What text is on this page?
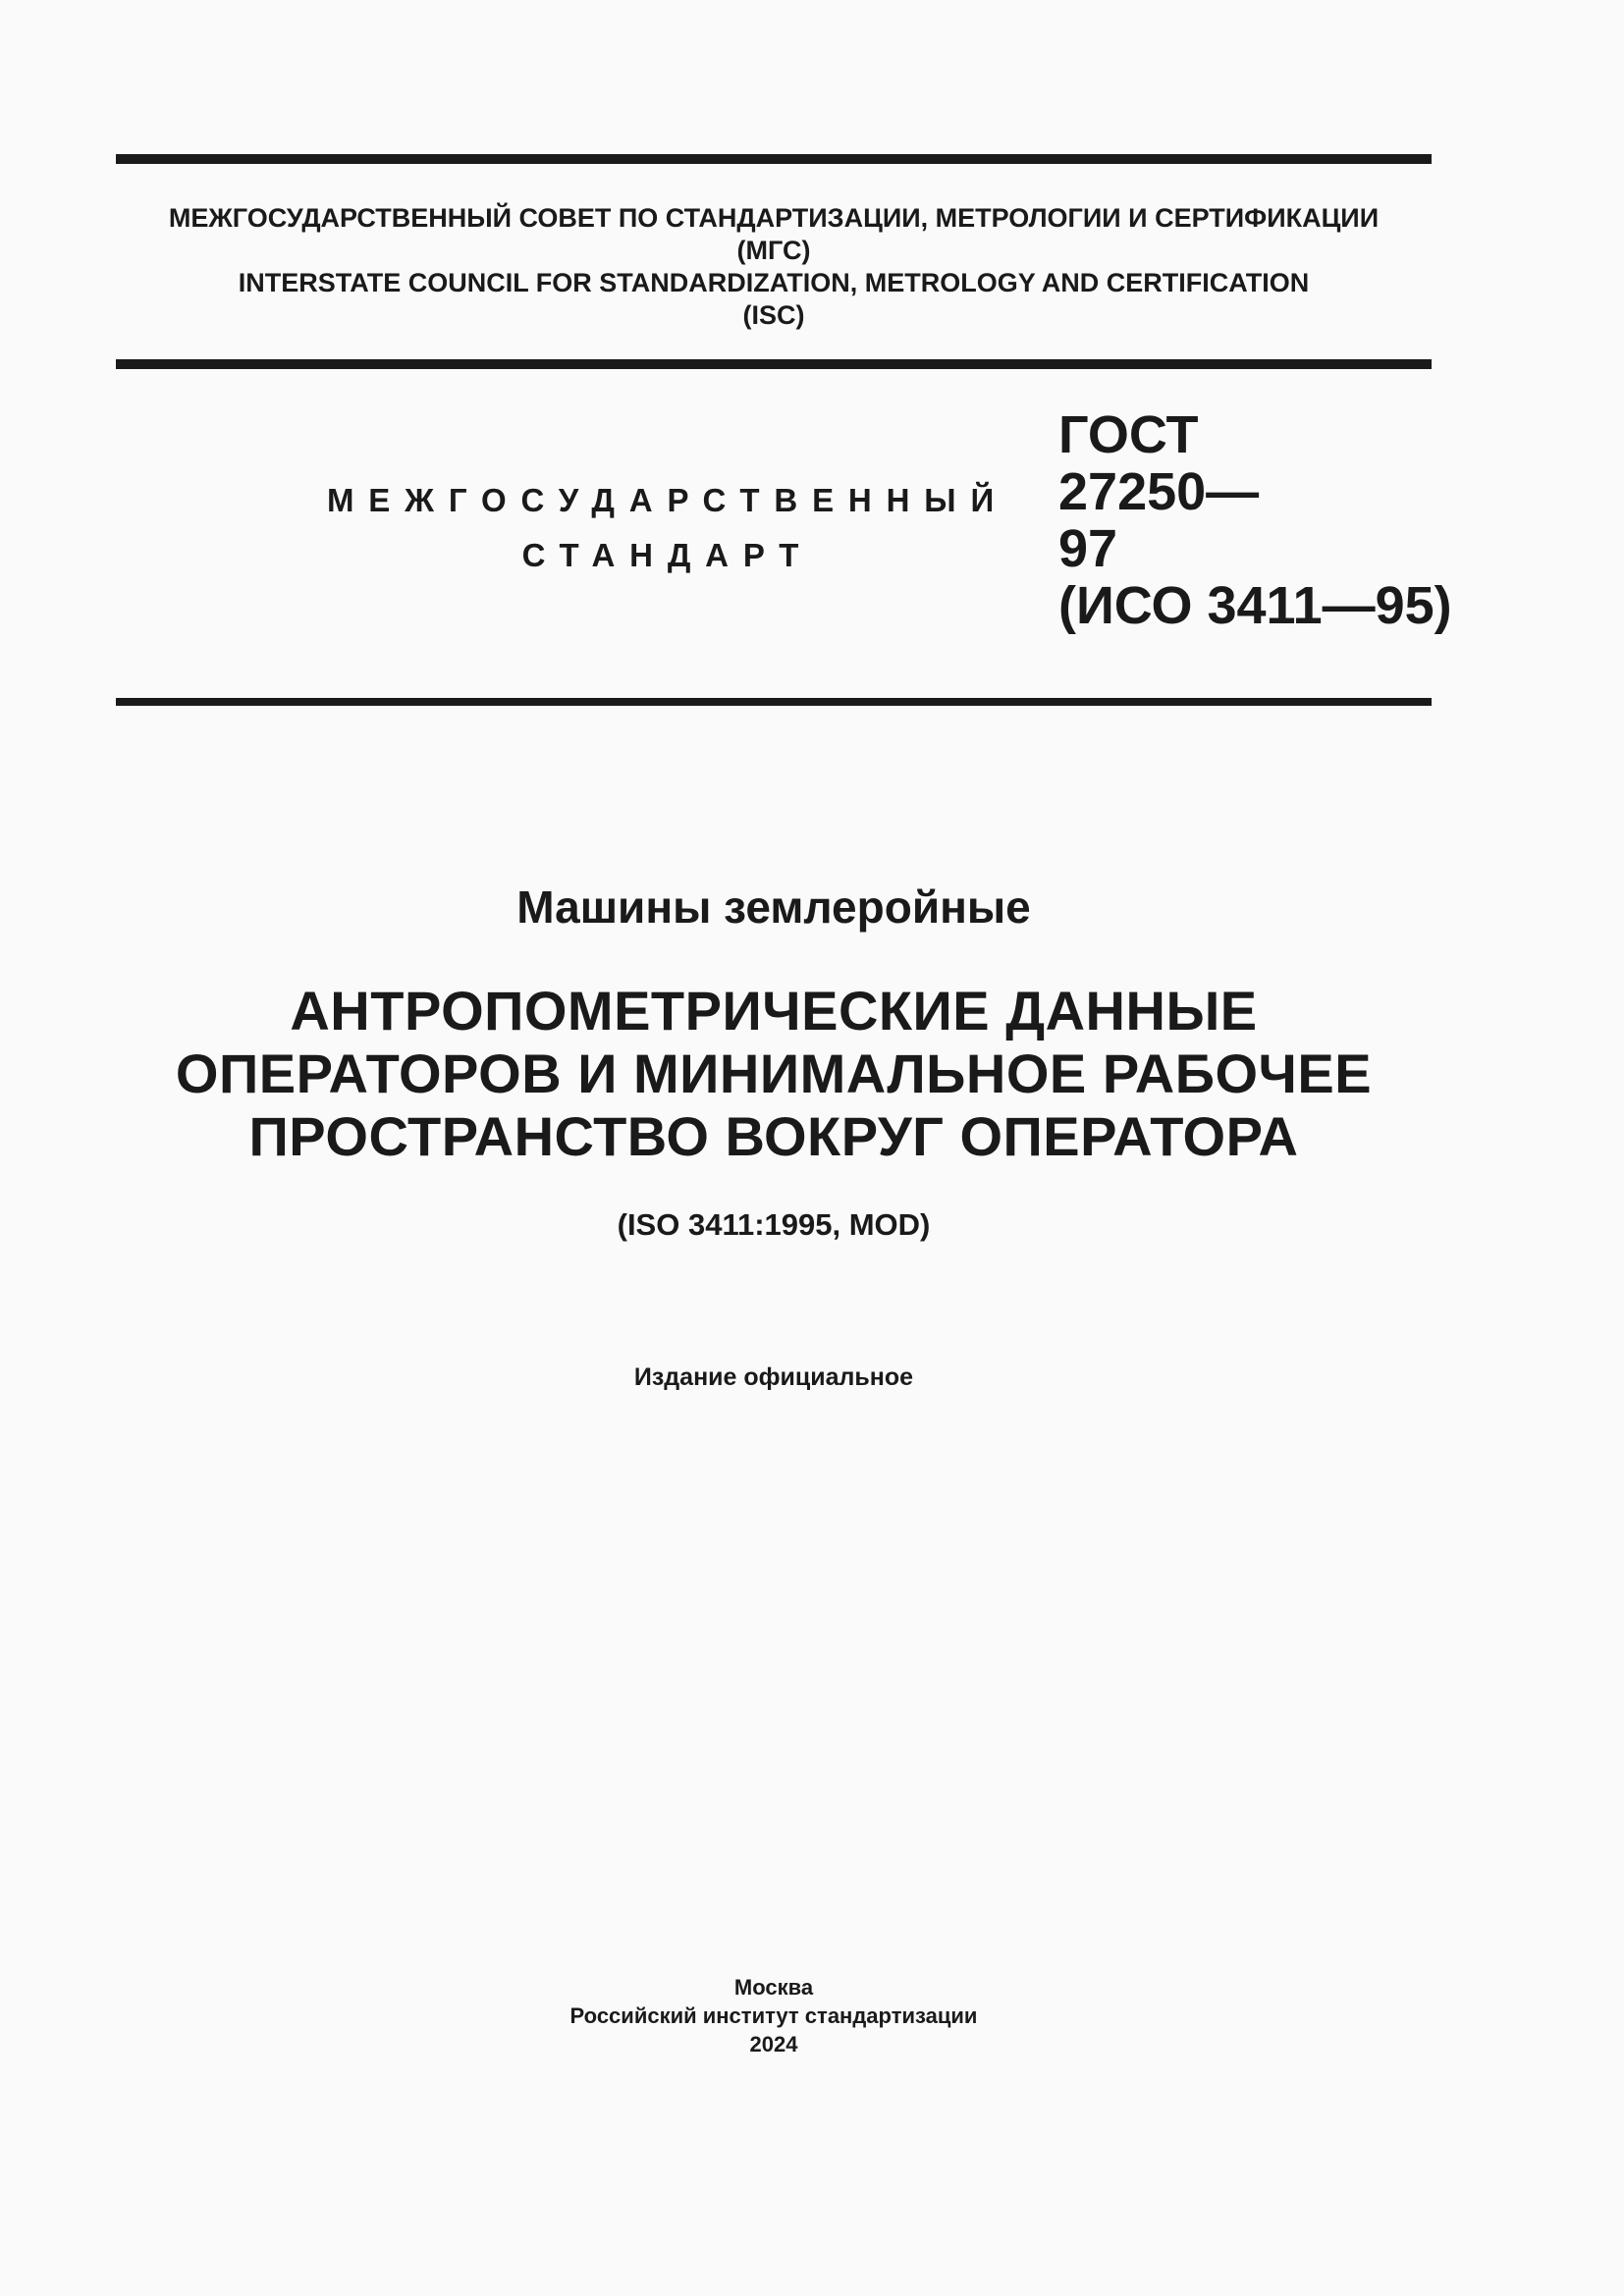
МЕЖГОСУДАРСТВЕННЫЙ СОВЕТ ПО СТАНДАРТИЗАЦИИ, МЕТРОЛОГИИ И СЕРТИФИКАЦИИ
(МГС)
INTERSTATE COUNCIL FOR STANDARDIZATION, METROLOGY AND CERTIFICATION
(ISC)
МЕЖГОСУДАРСТВЕННЫЙ
СТАНДАРТ
ГОСТ
27250—
97
(ИСО 3411—95)
Машины землеройные
АНТРОПОМЕТРИЧЕСКИЕ ДАННЫЕ
ОПЕРАТОРОВ И МИНИМАЛЬНОЕ РАБОЧЕЕ
ПРОСТРАНСТВО ВОКРУГ ОПЕРАТОРА
(ISO 3411:1995, MOD)
Издание официальное
Москва
Российский институт стандартизации
2024
